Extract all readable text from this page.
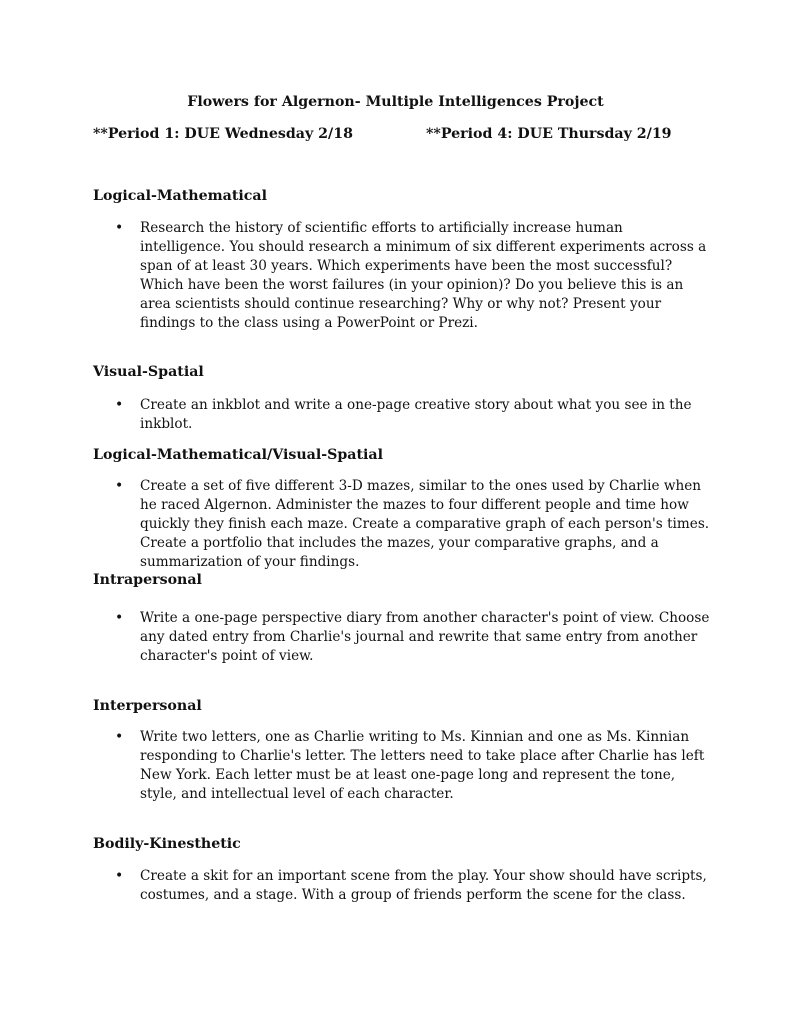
Flowers for Algernon- Multiple Intelligences Project
**Period 1: DUE Wednesday 2/18	**Period 4: DUE Thursday 2/19
Logical-Mathematical
• Research the history of scientific efforts to artificially increase human intelligence. You should research a minimum of six different experiments across a span of at least 30 years. Which experiments have been the most successful? Which have been the worst failures (in your opinion)? Do you believe this is an area scientists should continue researching? Why or why not? Present your findings to the class using a PowerPoint or Prezi.
Visual-Spatial
• Create an inkblot and write a one-page creative story about what you see in the inkblot.
Logical-Mathematical/Visual-Spatial
• Create a set of five different 3-D mazes, similar to the ones used by Charlie when he raced Algernon. Administer the mazes to four different people and time how quickly they finish each maze. Create a comparative graph of each person's times. Create a portfolio that includes the mazes, your comparative graphs, and a summarization of your findings.
Intrapersonal
• Write a one-page perspective diary from another character's point of view. Choose any dated entry from Charlie's journal and rewrite that same entry from another character's point of view.
Interpersonal
• Write two letters, one as Charlie writing to Ms. Kinnian and one as Ms. Kinnian responding to Charlie's letter. The letters need to take place after Charlie has left New York. Each letter must be at least one-page long and represent the tone, style, and intellectual level of each character.
Bodily-Kinesthetic
• Create a skit for an important scene from the play. Your show should have scripts, costumes, and a stage. With a group of friends perform the scene for the class.
